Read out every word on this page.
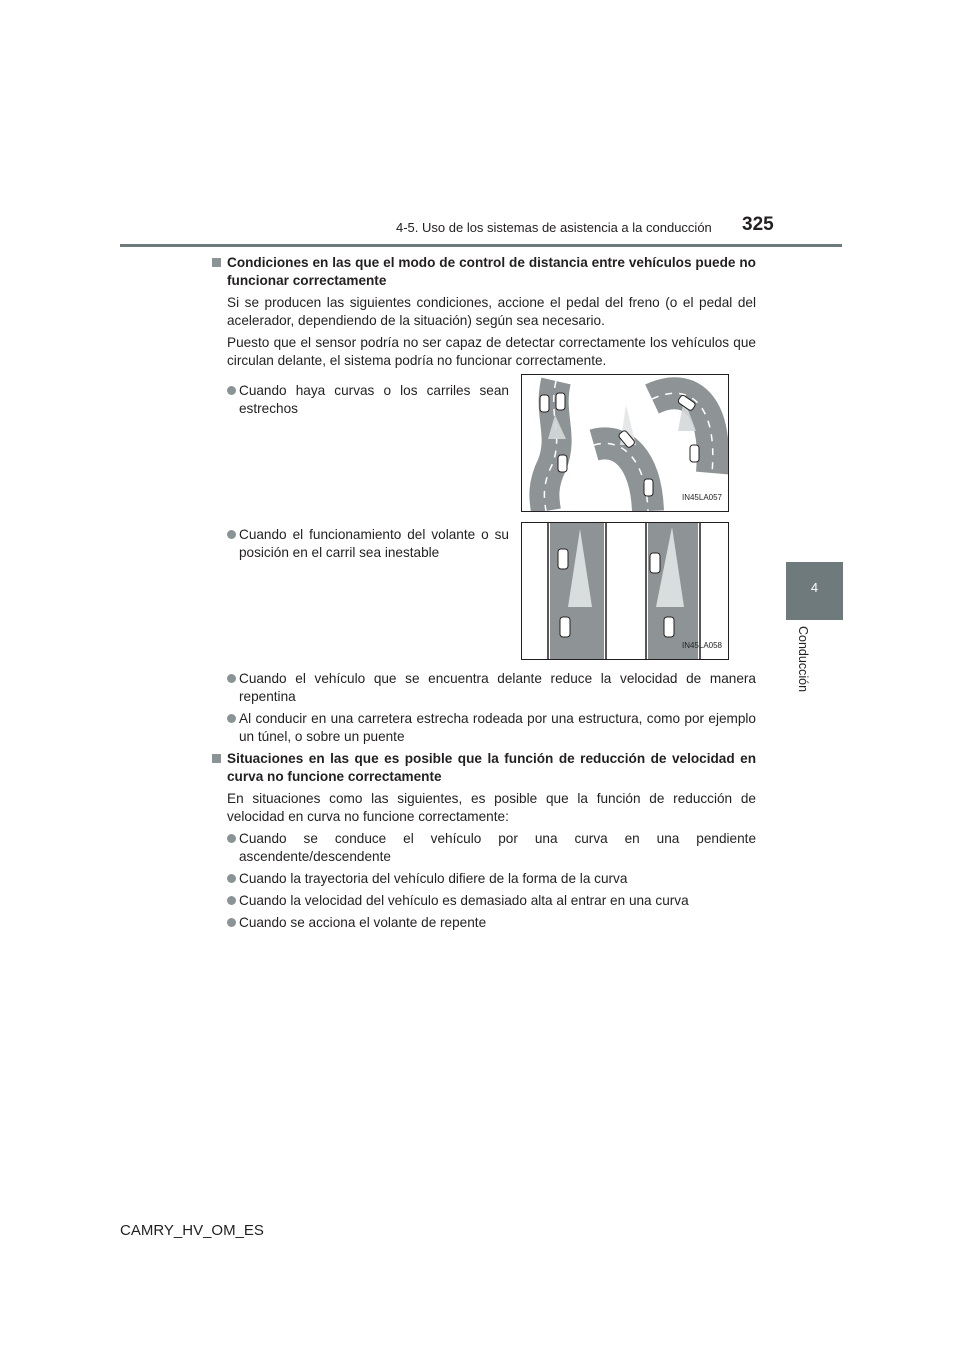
4-5. Uso de los sistemas de asistencia a la conducción 325
4
Conducción
Condiciones en las que el modo de control de distancia entre vehículos puede no funcionar correctamente
Si se producen las siguientes condiciones, accione el pedal del freno (o el pedal del acelerador, dependiendo de la situación) según sea necesario.
Puesto que el sensor podría no ser capaz de detectar correctamente los vehículos que circulan delante, el sistema podría no funcionar correctamente.
Cuando haya curvas o los carriles sean estrechos
IN45LA057
Cuando el funcionamiento del volante o su posición en el carril sea inestable
IN45LA058
Cuando el vehículo que se encuentra delante reduce la velocidad de manera repentina
Al conducir en una carretera estrecha rodeada por una estructura, como por ejemplo un túnel, o sobre un puente
Situaciones en las que es posible que la función de reducción de velocidad en curva no funcione correctamente
En situaciones como las siguientes, es posible que la función de reducción de velocidad en curva no funcione correctamente:
Cuando se conduce el vehículo por una curva en una pendiente ascendente/descendente
Cuando la trayectoria del vehículo difiere de la forma de la curva
Cuando la velocidad del vehículo es demasiado alta al entrar en una curva
Cuando se acciona el volante de repente
CAMRY_HV_OM_ES
